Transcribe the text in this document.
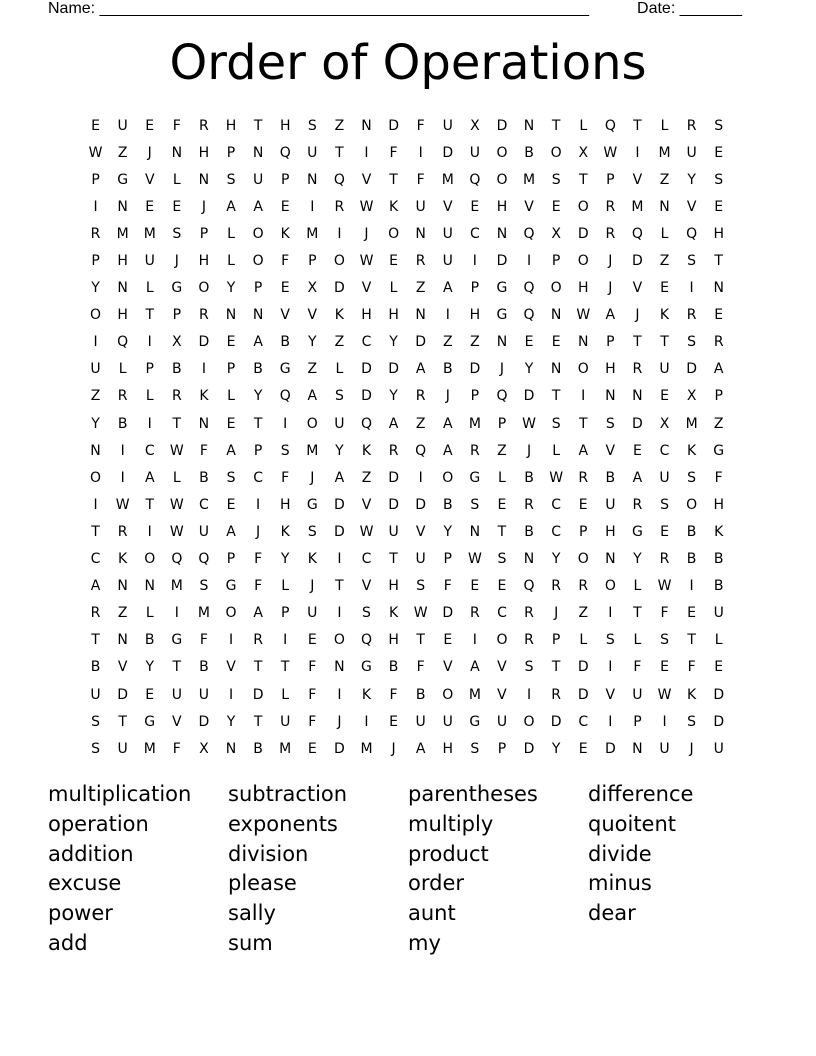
Name: _______________________________________________________	Date: _______
Order of Operations
E	U	E	F	R	H	T	H	S	Z	N	D	F	U	X	D	N	T	L	Q	T	L	R	S
W	Z	J	N	H	P	N	Q	U	T	I	F	I	D	U	O	B	O	X	W	I	M	U	E
P	G	V	L	N	S	U	P	N	Q	V	T	F	M	Q	O	M	S	T	P	V	Z	Y	S
I	N	E	E	J	A	A	E	I	R	W	K	U	V	E	H	V	E	O	R	M	N	V	E
R	M	M	S	P	L	O	K	M	I	J	O	N	U	C	N	Q	X	D	R	Q	L	Q	H
P	H	U	J	H	L	O	F	P	O	W	E	R	U	I	D	I	P	O	J	D	Z	S	T
Y	N	L	G	O	Y	P	E	X	D	V	L	Z	A	P	G	Q	O	H	J	V	E	I	N
O	H	T	P	R	N	N	V	V	K	H	H	N	I	H	G	Q	N	W	A	J	K	R	E
I	Q	I	X	D	E	A	B	Y	Z	C	Y	D	Z	Z	N	E	E	N	P	T	T	S	R
U	L	P	B	I	P	B	G	Z	L	D	D	A	B	D	J	Y	N	O	H	R	U	D	A
Z	R	L	R	K	L	Y	Q	A	S	D	Y	R	J	P	Q	D	T	I	N	N	E	X	P
Y	B	I	T	N	E	T	I	O	U	Q	A	Z	A	M	P	W	S	T	S	D	X	M	Z
N	I	C	W	F	A	P	S	M	Y	K	R	Q	A	R	Z	J	L	A	V	E	C	K	G
O	I	A	L	B	S	C	F	J	A	Z	D	I	O	G	L	B	W	R	B	A	U	S	F
I	W	T	W	C	E	I	H	G	D	V	D	D	B	S	E	R	C	E	U	R	S	O	H
T	R	I	W	U	A	J	K	S	D	W	U	V	Y	N	T	B	C	P	H	G	E	B	K
C	K	O	Q	Q	P	F	Y	K	I	C	T	U	P	W	S	N	Y	O	N	Y	R	B	B
A	N	N	M	S	G	F	L	J	T	V	H	S	F	E	E	Q	R	R	O	L	W	I	B
R	Z	L	I	M	O	A	P	U	I	S	K	W	D	R	C	R	J	Z	I	T	F	E	U
T	N	B	G	F	I	R	I	E	O	Q	H	T	E	I	O	R	P	L	S	L	S	T	L
B	V	Y	T	B	V	T	T	F	N	G	B	F	V	A	V	S	T	D	I	F	E	F	E
U	D	E	U	U	I	D	L	F	I	K	F	B	O	M	V	I	R	D	V	U	W	K	D
S	T	G	V	D	Y	T	U	F	J	I	E	U	U	G	U	O	D	C	I	P	I	S	D
S	U	M	F	X	N	B	M	E	D	M	J	A	H	S	P	D	Y	E	D	N	U	J	U
multiplication	subtraction	parentheses	difference
operation	exponents	multiply	quoitent
addition	division	product	divide
excuse	please	order	minus
power	sally	aunt	dear
add	sum	my
